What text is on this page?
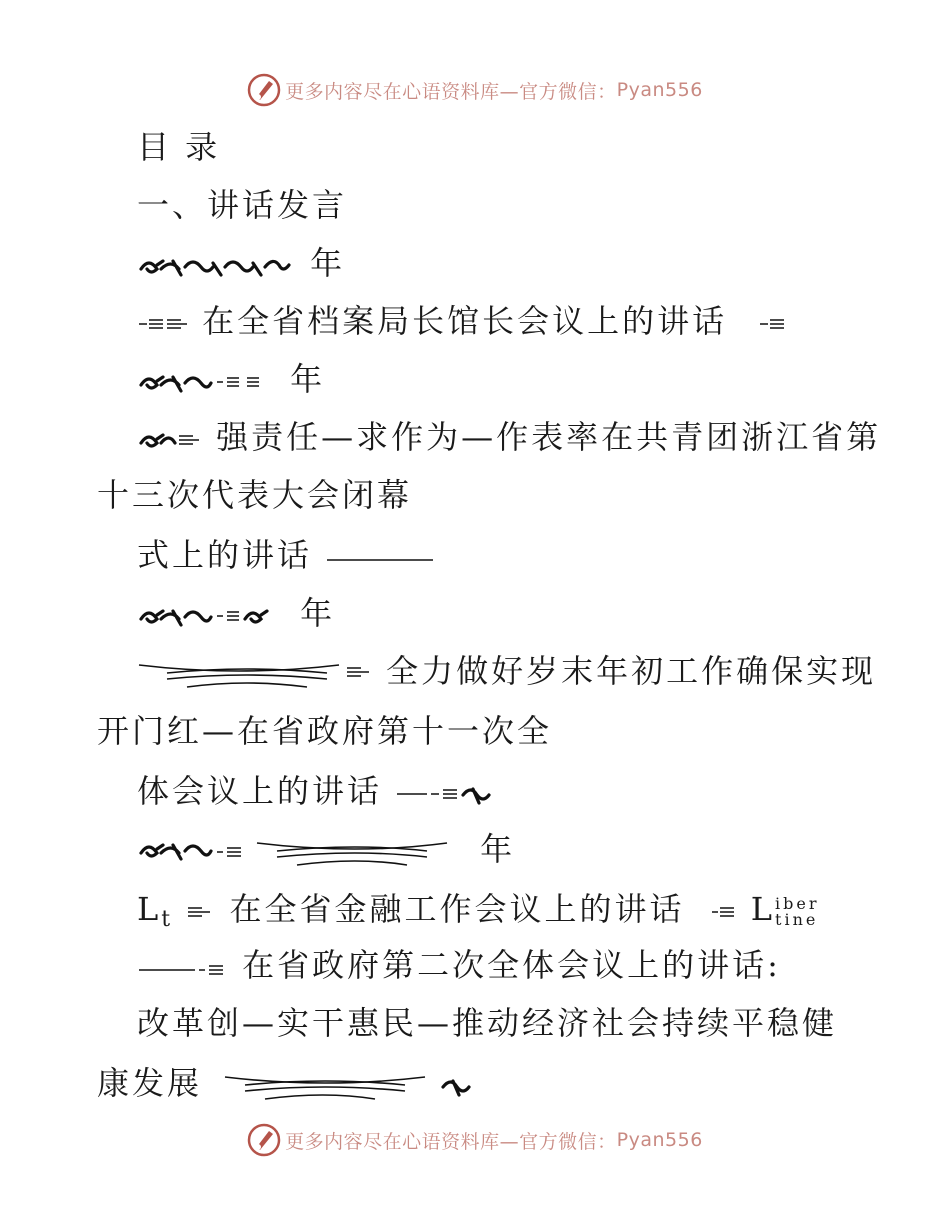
更多内容尽在心语资料库—官方微信： Pyan556
目 录
一、讲话发言
年
在全省档案局长馆长会议上的讲话
年
强责任—求作为—作表率在共青团浙江省第
十三次代表大会闭幕
式上的讲话
年
全力做好岁末年初工作确保实现
开门红—在省政府第十一次全
体会议上的讲话
年
Lt 在全省金融工作会议上的讲话 L iber
tine
在省政府第二次全体会议上的讲话:
改革创—实干惠民—推动经济社会持续平稳健
康发展
更多内容尽在心语资料库—官方微信： Pyan556
